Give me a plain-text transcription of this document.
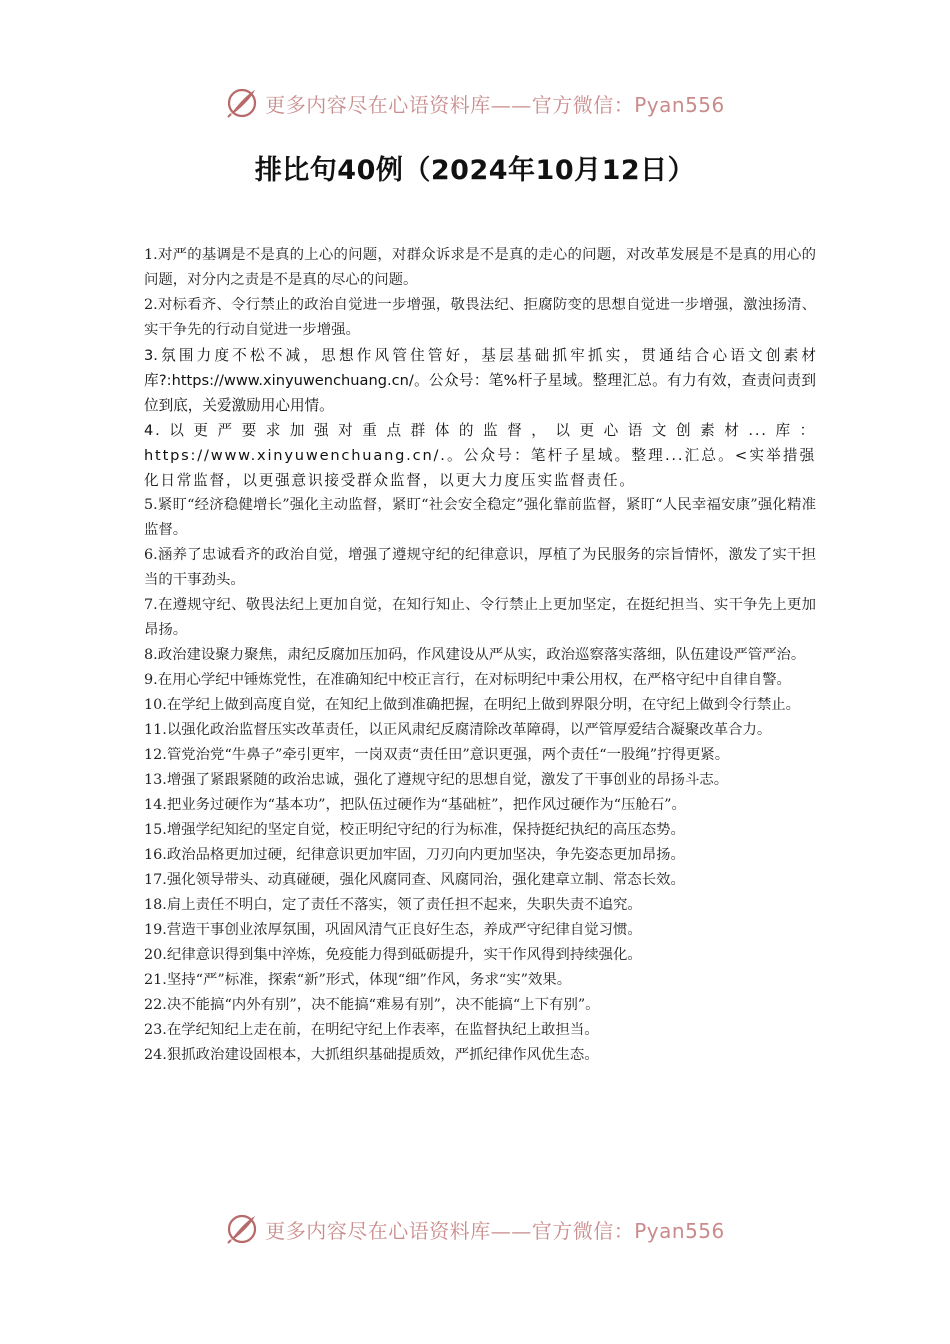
更多内容尽在心语资料库——官方微信：Pyan556
排比句40例（2024年10月12日）

1.对严的基调是不是真的上心的问题，对群众诉求是不是真的走心的问题，对改革发展是不是真的用心的问题，对分内之责是不是真的尽心的问题。

2.对标看齐、令行禁止的政治自觉进一步增强，敬畏法纪、拒腐防变的思想自觉进一步增强，激浊扬清、实干争先的行动自觉进一步增强。

3.氛围力度不松不减，思想作风管住管好，基层基础抓牢抓实，贯通结合心语文创素材库?:https://www.xinyuwenchuang.cn/。公众号：笔%杆子星域。整理汇总。有力有效，查责问责到位到底，关爱激励用心用情。

4.以更严要求加强对重点群体的监督，以更心语文创素材...库：https://www.xinyuwenchuang.cn/.。公众号：笔杆子星域。整理...汇总。<实举措强化日常监督，以更强意识接受群众监督，以更大力度压实监督责任。

5.紧盯“经济稳健增长”强化主动监督，紧盯“社会安全稳定”强化靠前监督，紧盯“人民幸福安康”强化精准监督。

6.涵养了忠诚看齐的政治自觉，增强了遵规守纪的纪律意识，厚植了为民服务的宗旨情怀，激发了实干担当的干事劲头。

7.在遵规守纪、敬畏法纪上更加自觉，在知行知止、令行禁止上更加坚定，在挺纪担当、实干争先上更加昂扬。

8.政治建设聚力聚焦，肃纪反腐加压加码，作风建设从严从实，政治巡察落实落细，队伍建设严管严治。

9.在用心学纪中锤炼党性，在准确知纪中校正言行，在对标明纪中秉公用权，在严格守纪中自律自警。

10.在学纪上做到高度自觉，在知纪上做到准确把握，在明纪上做到界限分明，在守纪上做到令行禁止。

11.以强化政治监督压实改革责任，以正风肃纪反腐清除改革障碍，以严管厚爱结合凝聚改革合力。

12.管党治党“牛鼻子”牵引更牢，一岗双责“责任田”意识更强，两个责任“一股绳”拧得更紧。

13.增强了紧跟紧随的政治忠诚，强化了遵规守纪的思想自觉，激发了干事创业的昂扬斗志。

14.把业务过硬作为“基本功”，把队伍过硬作为“基础桩”，把作风过硬作为“压舱石”。

15.增强学纪知纪的坚定自觉，校正明纪守纪的行为标准，保持挺纪执纪的高压态势。

16.政治品格更加过硬，纪律意识更加牢固，刀刃向内更加坚决，争先姿态更加昂扬。

17.强化领导带头、动真碰硬，强化风腐同查、风腐同治，强化建章立制、常态长效。

18.肩上责任不明白，定了责任不落实，领了责任担不起来，失职失责不追究。

19.营造干事创业浓厚氛围，巩固风清气正良好生态，养成严守纪律自觉习惯。

20.纪律意识得到集中淬炼，免疫能力得到砥砺提升，实干作风得到持续强化。

21.坚持“严”标准，探索“新”形式，体现“细”作风，务求“实”效果。

22.决不能搞“内外有别”，决不能搞“难易有别”，决不能搞“上下有别”。

23.在学纪知纪上走在前，在明纪守纪上作表率，在监督执纪上敢担当。

24.狠抓政治建设固根本，大抓组织基础提质效，严抓纪律作风优生态。

更多内容尽在心语资料库——官方微信：Pyan556
